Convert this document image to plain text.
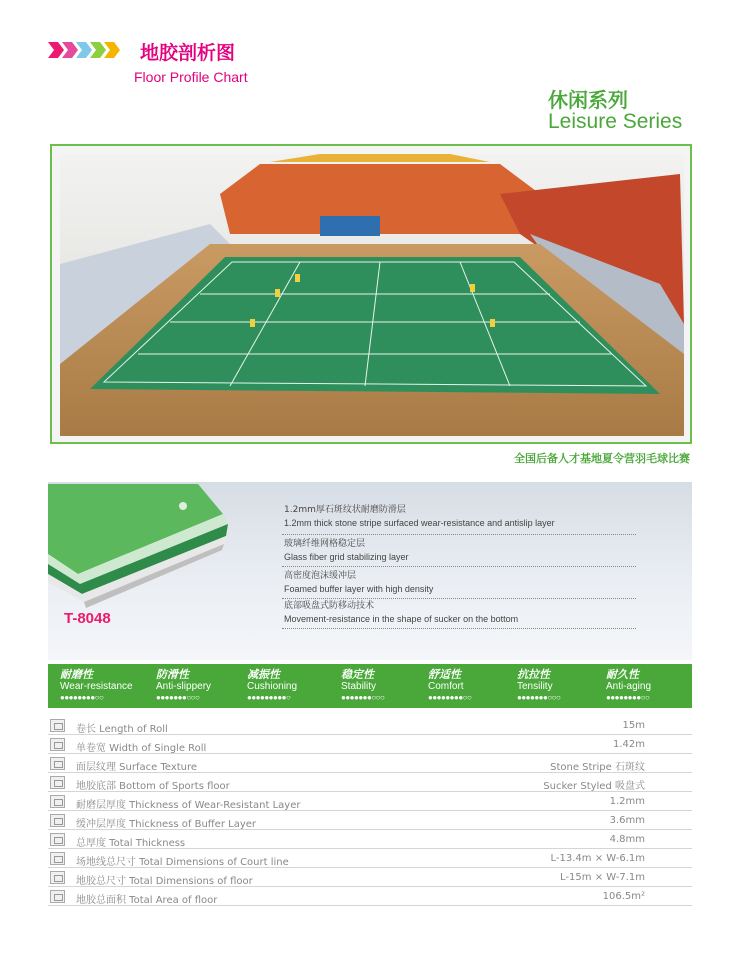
地胶剖析图
Floor Profile Chart
休闲系列
Leisure Series
全国后备人才基地夏令营羽毛球比赛
T-8048
1.2mm厚石斑纹状耐磨防滑层
1.2mm thick stone stripe surfaced wear-resistance and antislip layer
玻璃纤维网格稳定层
Glass fiber grid stabilizing layer
高密度泡沫缓冲层
Foamed buffer layer with high density
底部吸盘式防移动技术
Movement-resistance in the shape of sucker on the bottom
耐磨性
Wear-resistance
●●●●●●●●○○
防滑性
Anti-slippery
●●●●●●●○○○
减振性
Cushioning
●●●●●●●●●○
稳定性
Stability
●●●●●●●○○○
舒适性
Comfort
●●●●●●●●○○
抗拉性
Tensility
●●●●●●●○○○
耐久性
Anti-aging
●●●●●●●●○○
卷长 Length of Roll	15m
单卷宽 Width of Single Roll	1.42m
面层纹理 Surface Texture	Stone Stripe 石斑纹
地胶底部 Bottom of Sports floor	Sucker Styled 吸盘式
耐磨层厚度 Thickness of Wear-Resistant Layer	1.2mm
缓冲层厚度 Thickness of Buffer Layer	3.6mm
总厚度 Total Thickness	4.8mm
场地线总尺寸 Total Dimensions of Court line	L-13.4m × W-6.1m
地胶总尺寸 Total Dimensions of floor	L-15m × W-7.1m
地胶总面积 Total Area of floor	106.5m²
